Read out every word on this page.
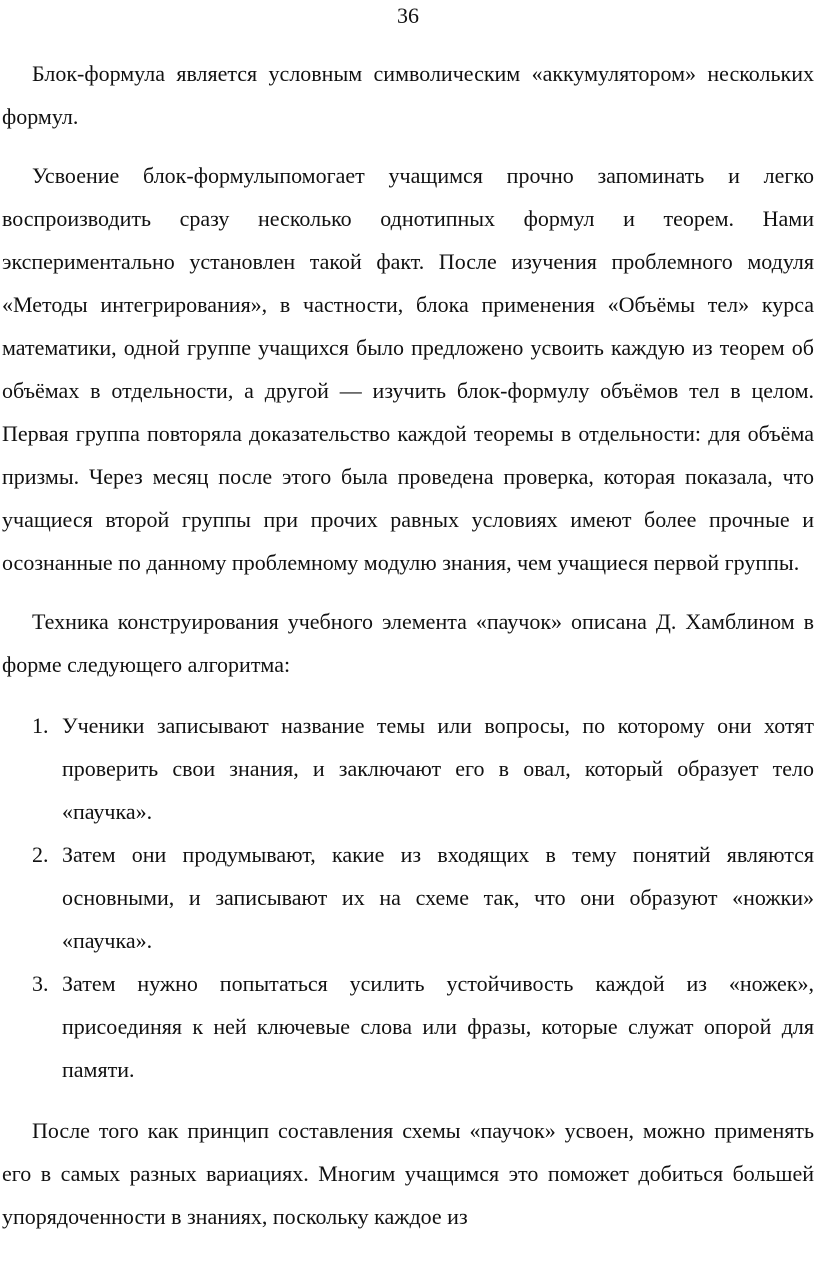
36

Блок-формула является условным символическим «аккумулятором» нескольких формул.

Усвоение блок-формулыпомогает учащимся прочно запоминать и легко воспроизводить сразу несколько однотипных формул и теорем. Нами экспериментально установлен такой факт. После изучения проблемного модуля «Методы интегрирования», в частности, блока применения «Объёмы тел» курса математики, одной группе учащихся было предложено усвоить каждую из теорем об объёмах в отдельности, а другой — изучить блок-формулу объёмов тел в целом. Первая группа повторяла доказательство каждой теоремы в отдельности: для объёма призмы. Через месяц после этого была проведена проверка, которая показала, что учащиеся второй группы при прочих равных условиях имеют более прочные и осознанные по данному проблемному модулю знания, чем учащиеся первой группы.

Техника конструирования учебного элемента «паучок» описана Д. Хамблином в форме следующего алгоритма:

1. Ученики записывают название темы или вопросы, по которому они хотят проверить свои знания, и заключают его в овал, который образует тело «паучка».
2. Затем они продумывают, какие из входящих в тему понятий являются основными, и записывают их на схеме так, что они образуют «ножки» «паучка».
3. Затем нужно попытаться усилить устойчивость каждой из «ножек», присоединяя к ней ключевые слова или фразы, которые служат опорой для памяти.

После того как принцип составления схемы «паучок» усвоен, можно применять его в самых разных вариациях. Многим учащимся это поможет добиться большей упорядоченности в знаниях, поскольку каждое из
